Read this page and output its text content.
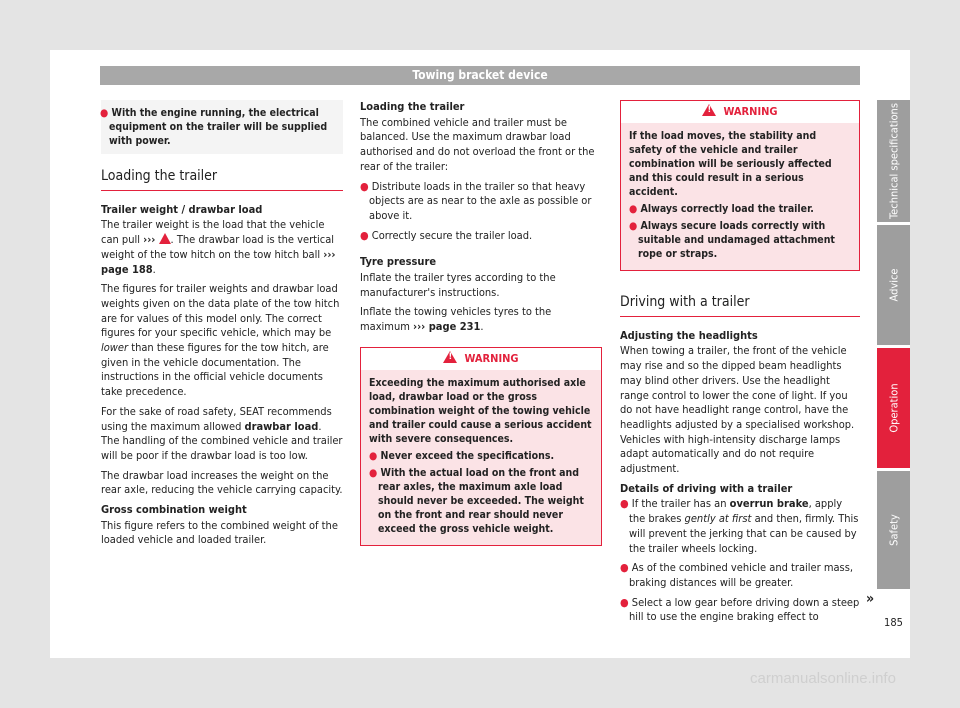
Towing bracket device

● With the engine running, the electrical equipment on the trailer will be supplied with power.

Loading the trailer

Trailer weight / drawbar load

The trailer weight is the load that the vehicle can pull ››› . The drawbar load is the vertical weight of the tow hitch on the tow hitch ball ››› page 188.

The figures for trailer weights and drawbar load weights given on the data plate of the tow hitch are for values of this model only. The correct figures for your specific vehicle, which may be lower than these figures for the tow hitch, are given in the vehicle documentation. The instructions in the official vehicle documents take precedence.

For the sake of road safety, SEAT recommends using the maximum allowed drawbar load. The handling of the combined vehicle and trailer will be poor if the drawbar load is too low.

The drawbar load increases the weight on the rear axle, reducing the vehicle carrying capacity.

Gross combination weight

This figure refers to the combined weight of the loaded vehicle and loaded trailer.

Loading the trailer

The combined vehicle and trailer must be balanced. Use the maximum drawbar load authorised and do not overload the front or the rear of the trailer:

● Distribute loads in the trailer so that heavy objects are as near to the axle as possible or above it.

● Correctly secure the trailer load.

Tyre pressure

Inflate the trailer tyres according to the manufacturer's instructions.

Inflate the towing vehicles tyres to the maximum ››› page 231.

!WARNING

Exceeding the maximum authorised axle load, drawbar load or the gross combination weight of the towing vehicle and trailer could cause a serious accident with severe consequences.

● Never exceed the specifications.

● With the actual load on the front and rear axles, the maximum axle load should never be exceeded. The weight on the front and rear should never exceed the gross vehicle weight.

!WARNING

If the load moves, the stability and safety of the vehicle and trailer combination will be seriously affected and this could result in a serious accident.

● Always correctly load the trailer.

● Always secure loads correctly with suitable and undamaged attachment rope or straps.

Driving with a trailer

Adjusting the headlights

When towing a trailer, the front of the vehicle may rise and so the dipped beam headlights may blind other drivers. Use the headlight range control to lower the cone of light. If you do not have headlight range control, have the headlights adjusted by a specialised workshop. Vehicles with high-intensity discharge lamps adapt automatically and do not require adjustment.

Details of driving with a trailer

● If the trailer has an overrun brake, apply the brakes gently at first and then, firmly. This will prevent the jerking that can be caused by the trailer wheels locking.

● As of the combined vehicle and trailer mass, braking distances will be greater.

● Select a low gear before driving down a steep hill to use the engine braking effect to

»
Technical specifications
Advice
Operation
Safety
185
carmanualsonline.info
